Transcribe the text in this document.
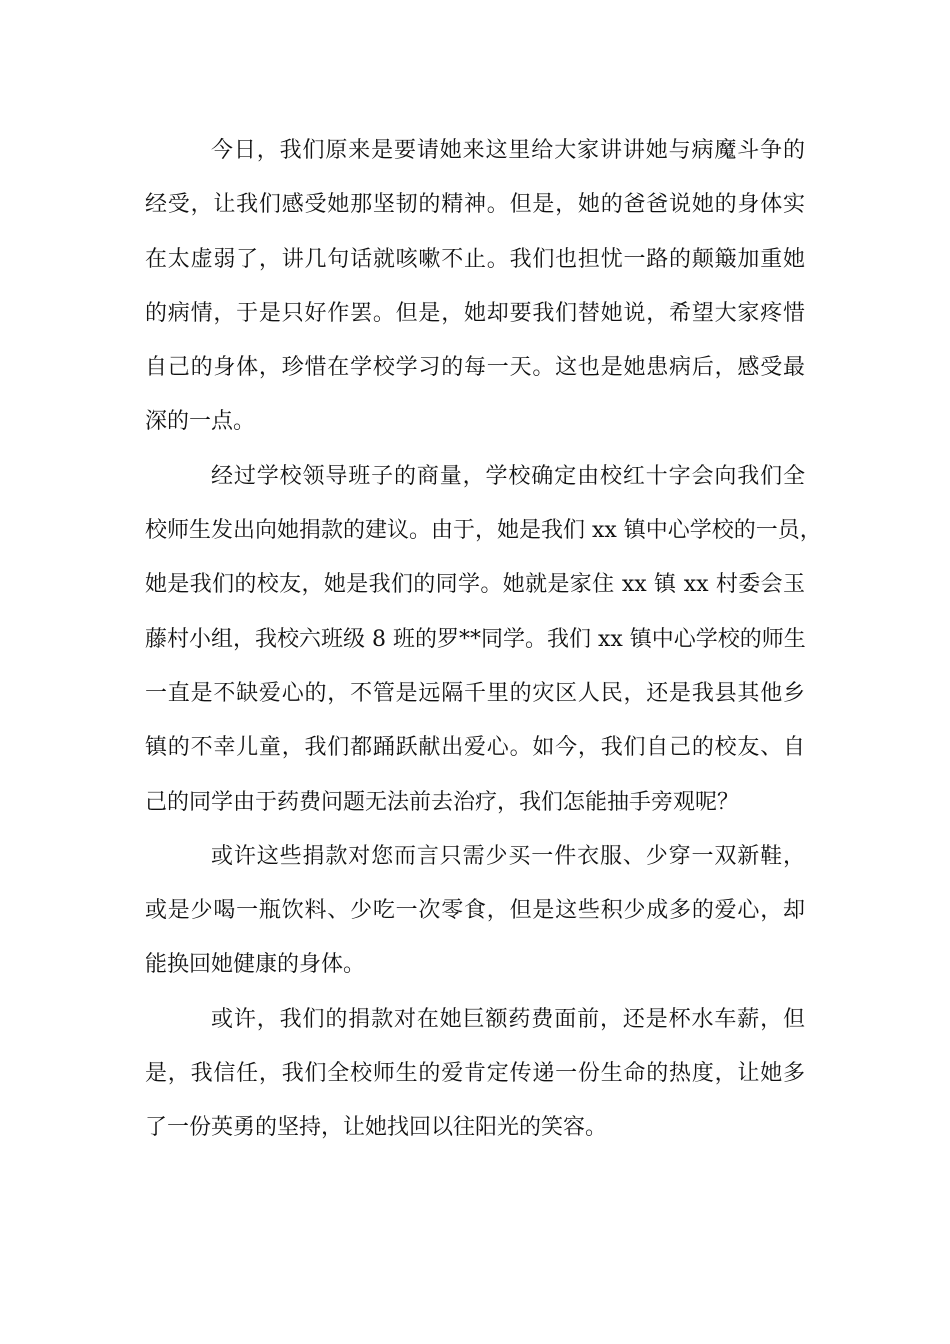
今日，我们原来是要请她来这里给大家讲讲她与病魔斗争的
经受，让我们感受她那坚韧的精神。但是，她的爸爸说她的身体实
在太虚弱了，讲几句话就咳嗽不止。我们也担忧一路的颠簸加重她
的病情，于是只好作罢。但是，她却要我们替她说，希望大家疼惜
自己的身体，珍惜在学校学习的每一天。这也是她患病后，感受最
深的一点。
经过学校领导班子的商量，学校确定由校红十字会向我们全
校师生发出向她捐款的建议。由于，她是我们 xx 镇中心学校的一员，
她是我们的校友，她是我们的同学。她就是家住 xx 镇 xx 村委会玉
藤村小组，我校六班级 8 班的罗**同学。我们 xx 镇中心学校的师生
一直是不缺爱心的，不管是远隔千里的灾区人民，还是我县其他乡
镇的不幸儿童，我们都踊跃献出爱心。如今，我们自己的校友、自
己的同学由于药费问题无法前去治疗，我们怎能抽手旁观呢？
或许这些捐款对您而言只需少买一件衣服、少穿一双新鞋，
或是少喝一瓶饮料、少吃一次零食，但是这些积少成多的爱心，却
能换回她健康的身体。
或许，我们的捐款对在她巨额药费面前，还是杯水车薪，但
是，我信任，我们全校师生的爱肯定传递一份生命的热度，让她多
了一份英勇的坚持，让她找回以往阳光的笑容。
